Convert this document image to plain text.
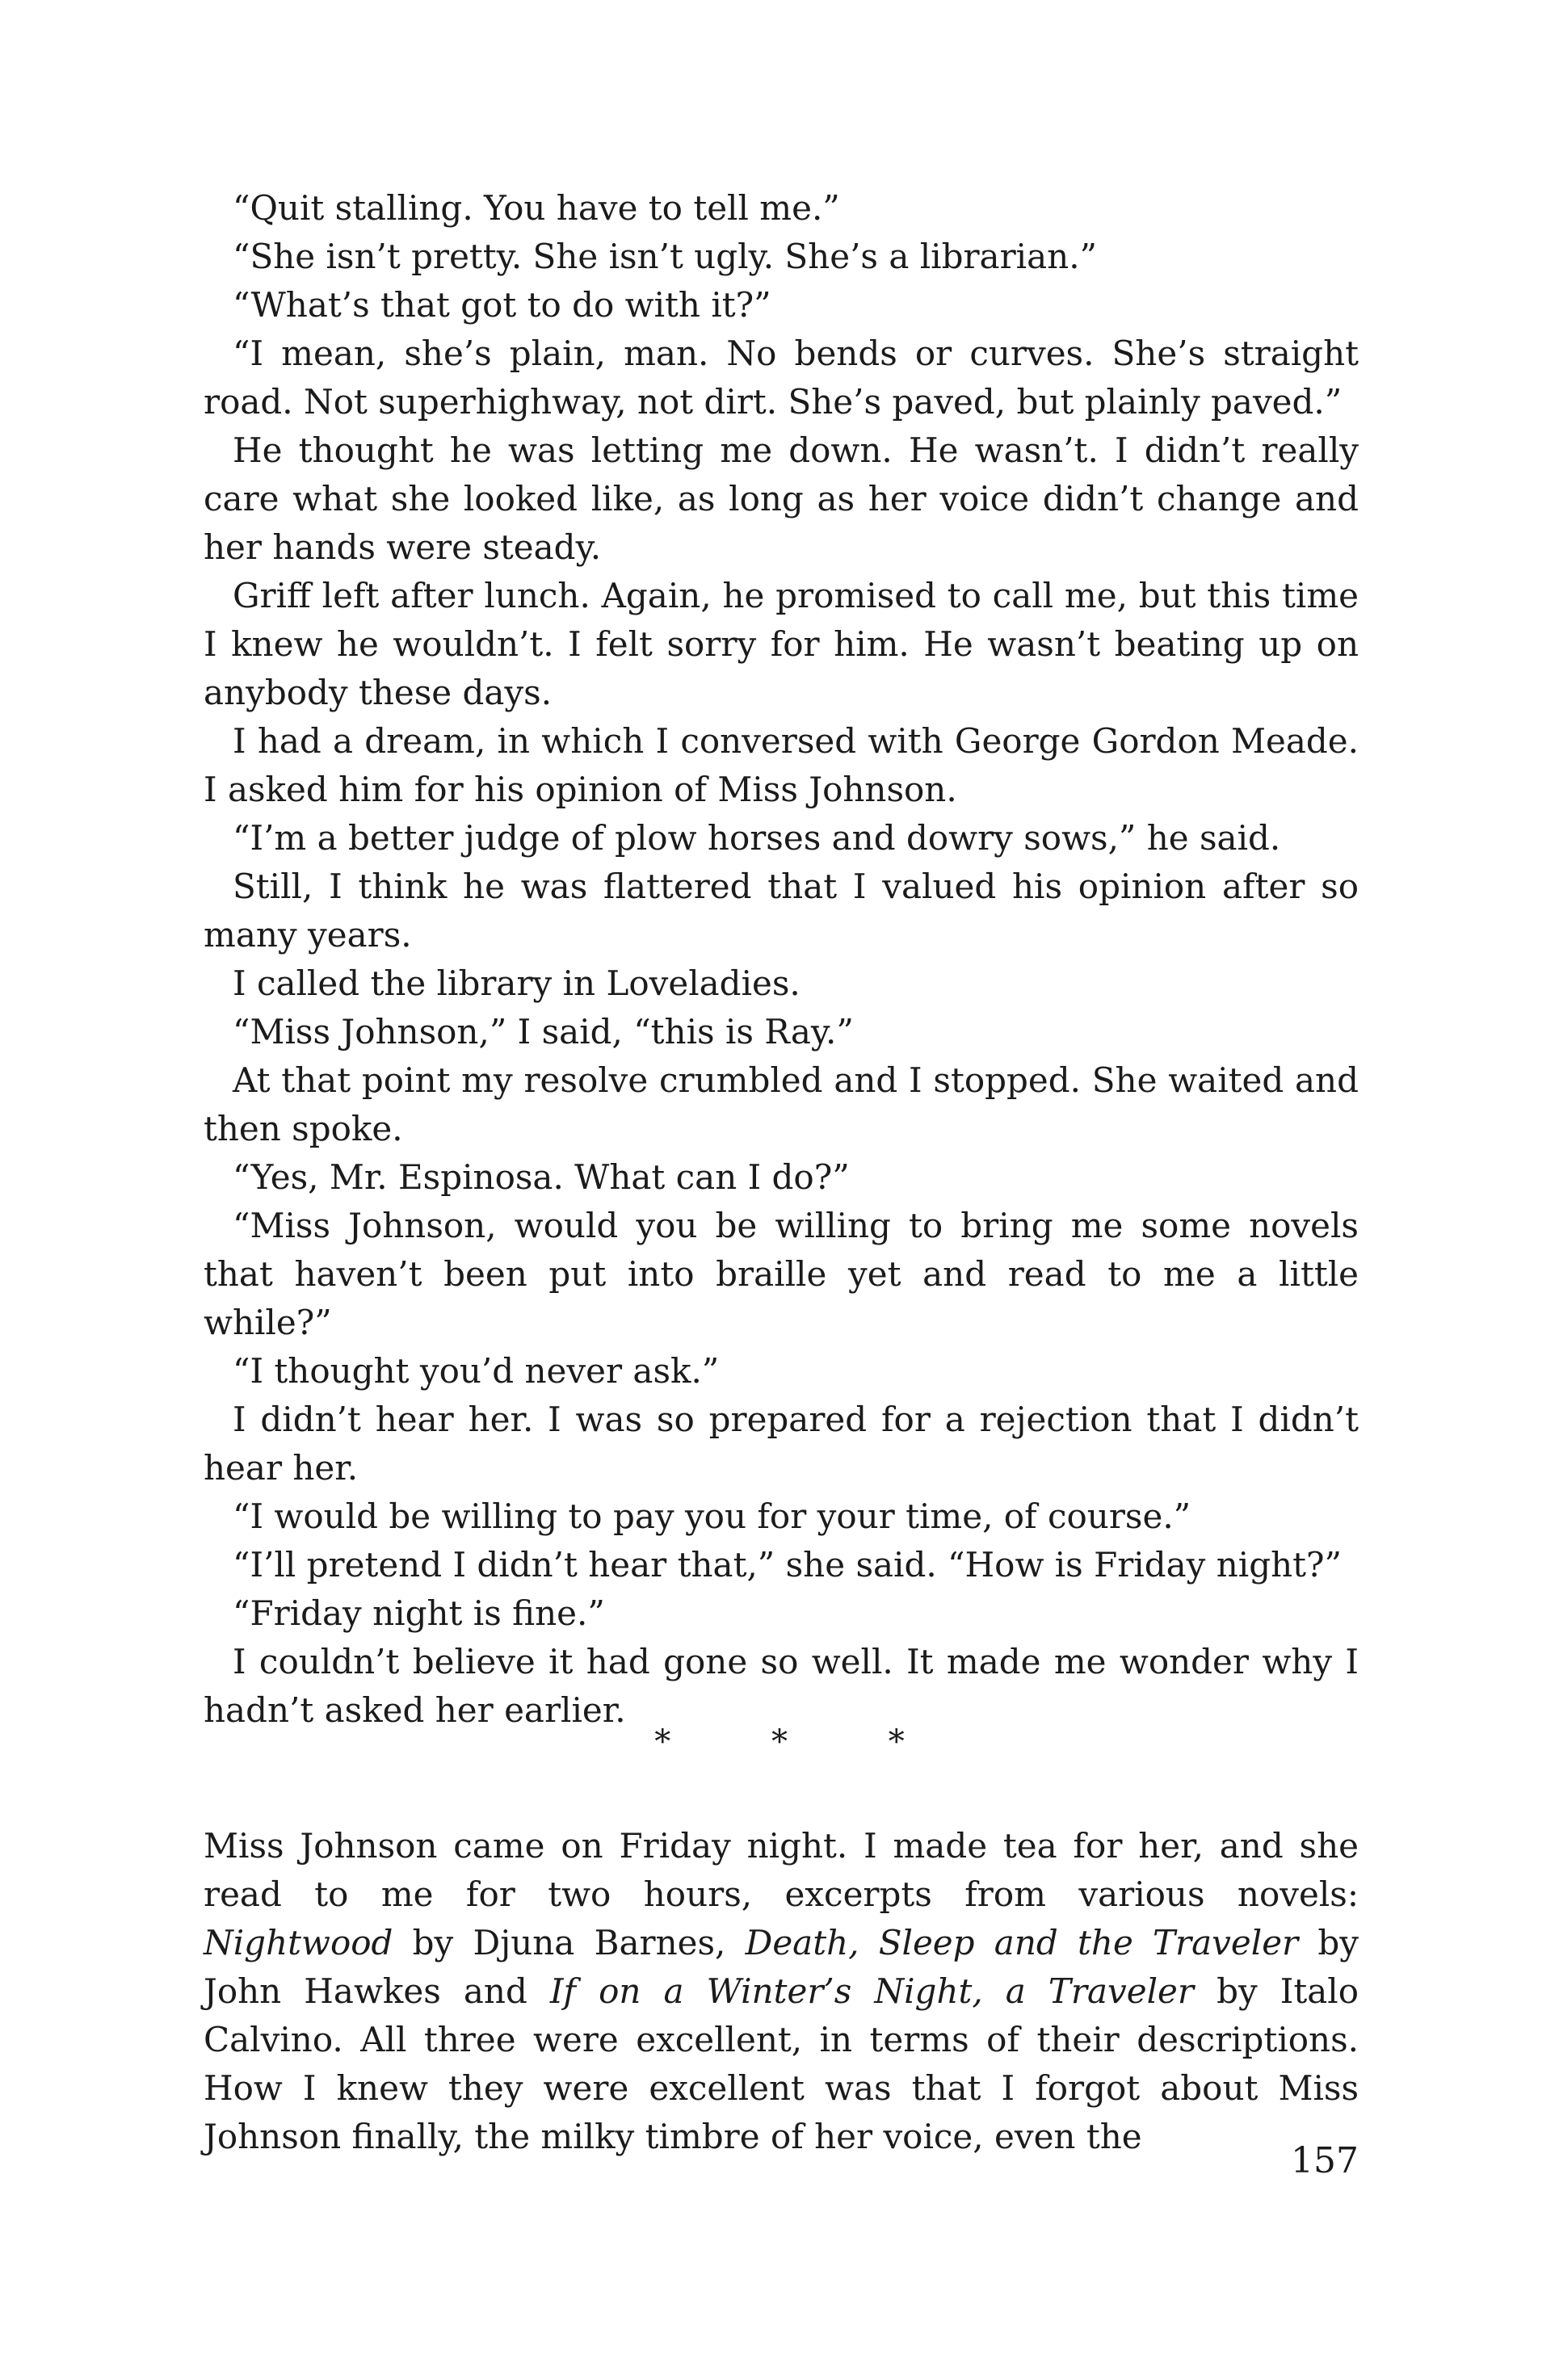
“Quit stalling. You have to tell me.”

“She isn’t pretty. She isn’t ugly. She’s a librarian.”

“What’s that got to do with it?”

“I mean, she’s plain, man. No bends or curves. She’s straight road. Not superhighway, not dirt. She’s paved, but plainly paved.”

He thought he was letting me down. He wasn’t. I didn’t really care what she looked like, as long as her voice didn’t change and her hands were steady.

Griff left after lunch. Again, he promised to call me, but this time I knew he wouldn’t. I felt sorry for him. He wasn’t beating up on anybody these days.

I had a dream, in which I conversed with George Gordon Meade. I asked him for his opinion of Miss Johnson.

“I’m a better judge of plow horses and dowry sows,” he said.

Still, I think he was flattered that I valued his opinion after so many years.

I called the library in Loveladies.

“Miss Johnson,” I said, “this is Ray.”

At that point my resolve crumbled and I stopped. She waited and then spoke.

“Yes, Mr. Espinosa. What can I do?”

“Miss Johnson, would you be willing to bring me some novels that haven’t been put into braille yet and read to me a little while?”

“I thought you’d never ask.”

I didn’t hear her. I was so prepared for a rejection that I didn’t hear her.

“I would be willing to pay you for your time, of course.”

“I’ll pretend I didn’t hear that,” she said. “How is Friday night?”

“Friday night is fine.”

I couldn’t believe it had gone so well. It made me wonder why I hadn’t asked her earlier.

* * *

Miss Johnson came on Friday night. I made tea for her, and she read to me for two hours, excerpts from various novels: Nightwood by Djuna Barnes, Death, Sleep and the Traveler by John Hawkes and If on a Winter’s Night, a Traveler by Italo Calvino. All three were excellent, in terms of their descriptions. How I knew they were excellent was that I forgot about Miss Johnson finally, the milky timbre of her voice, even the

157
